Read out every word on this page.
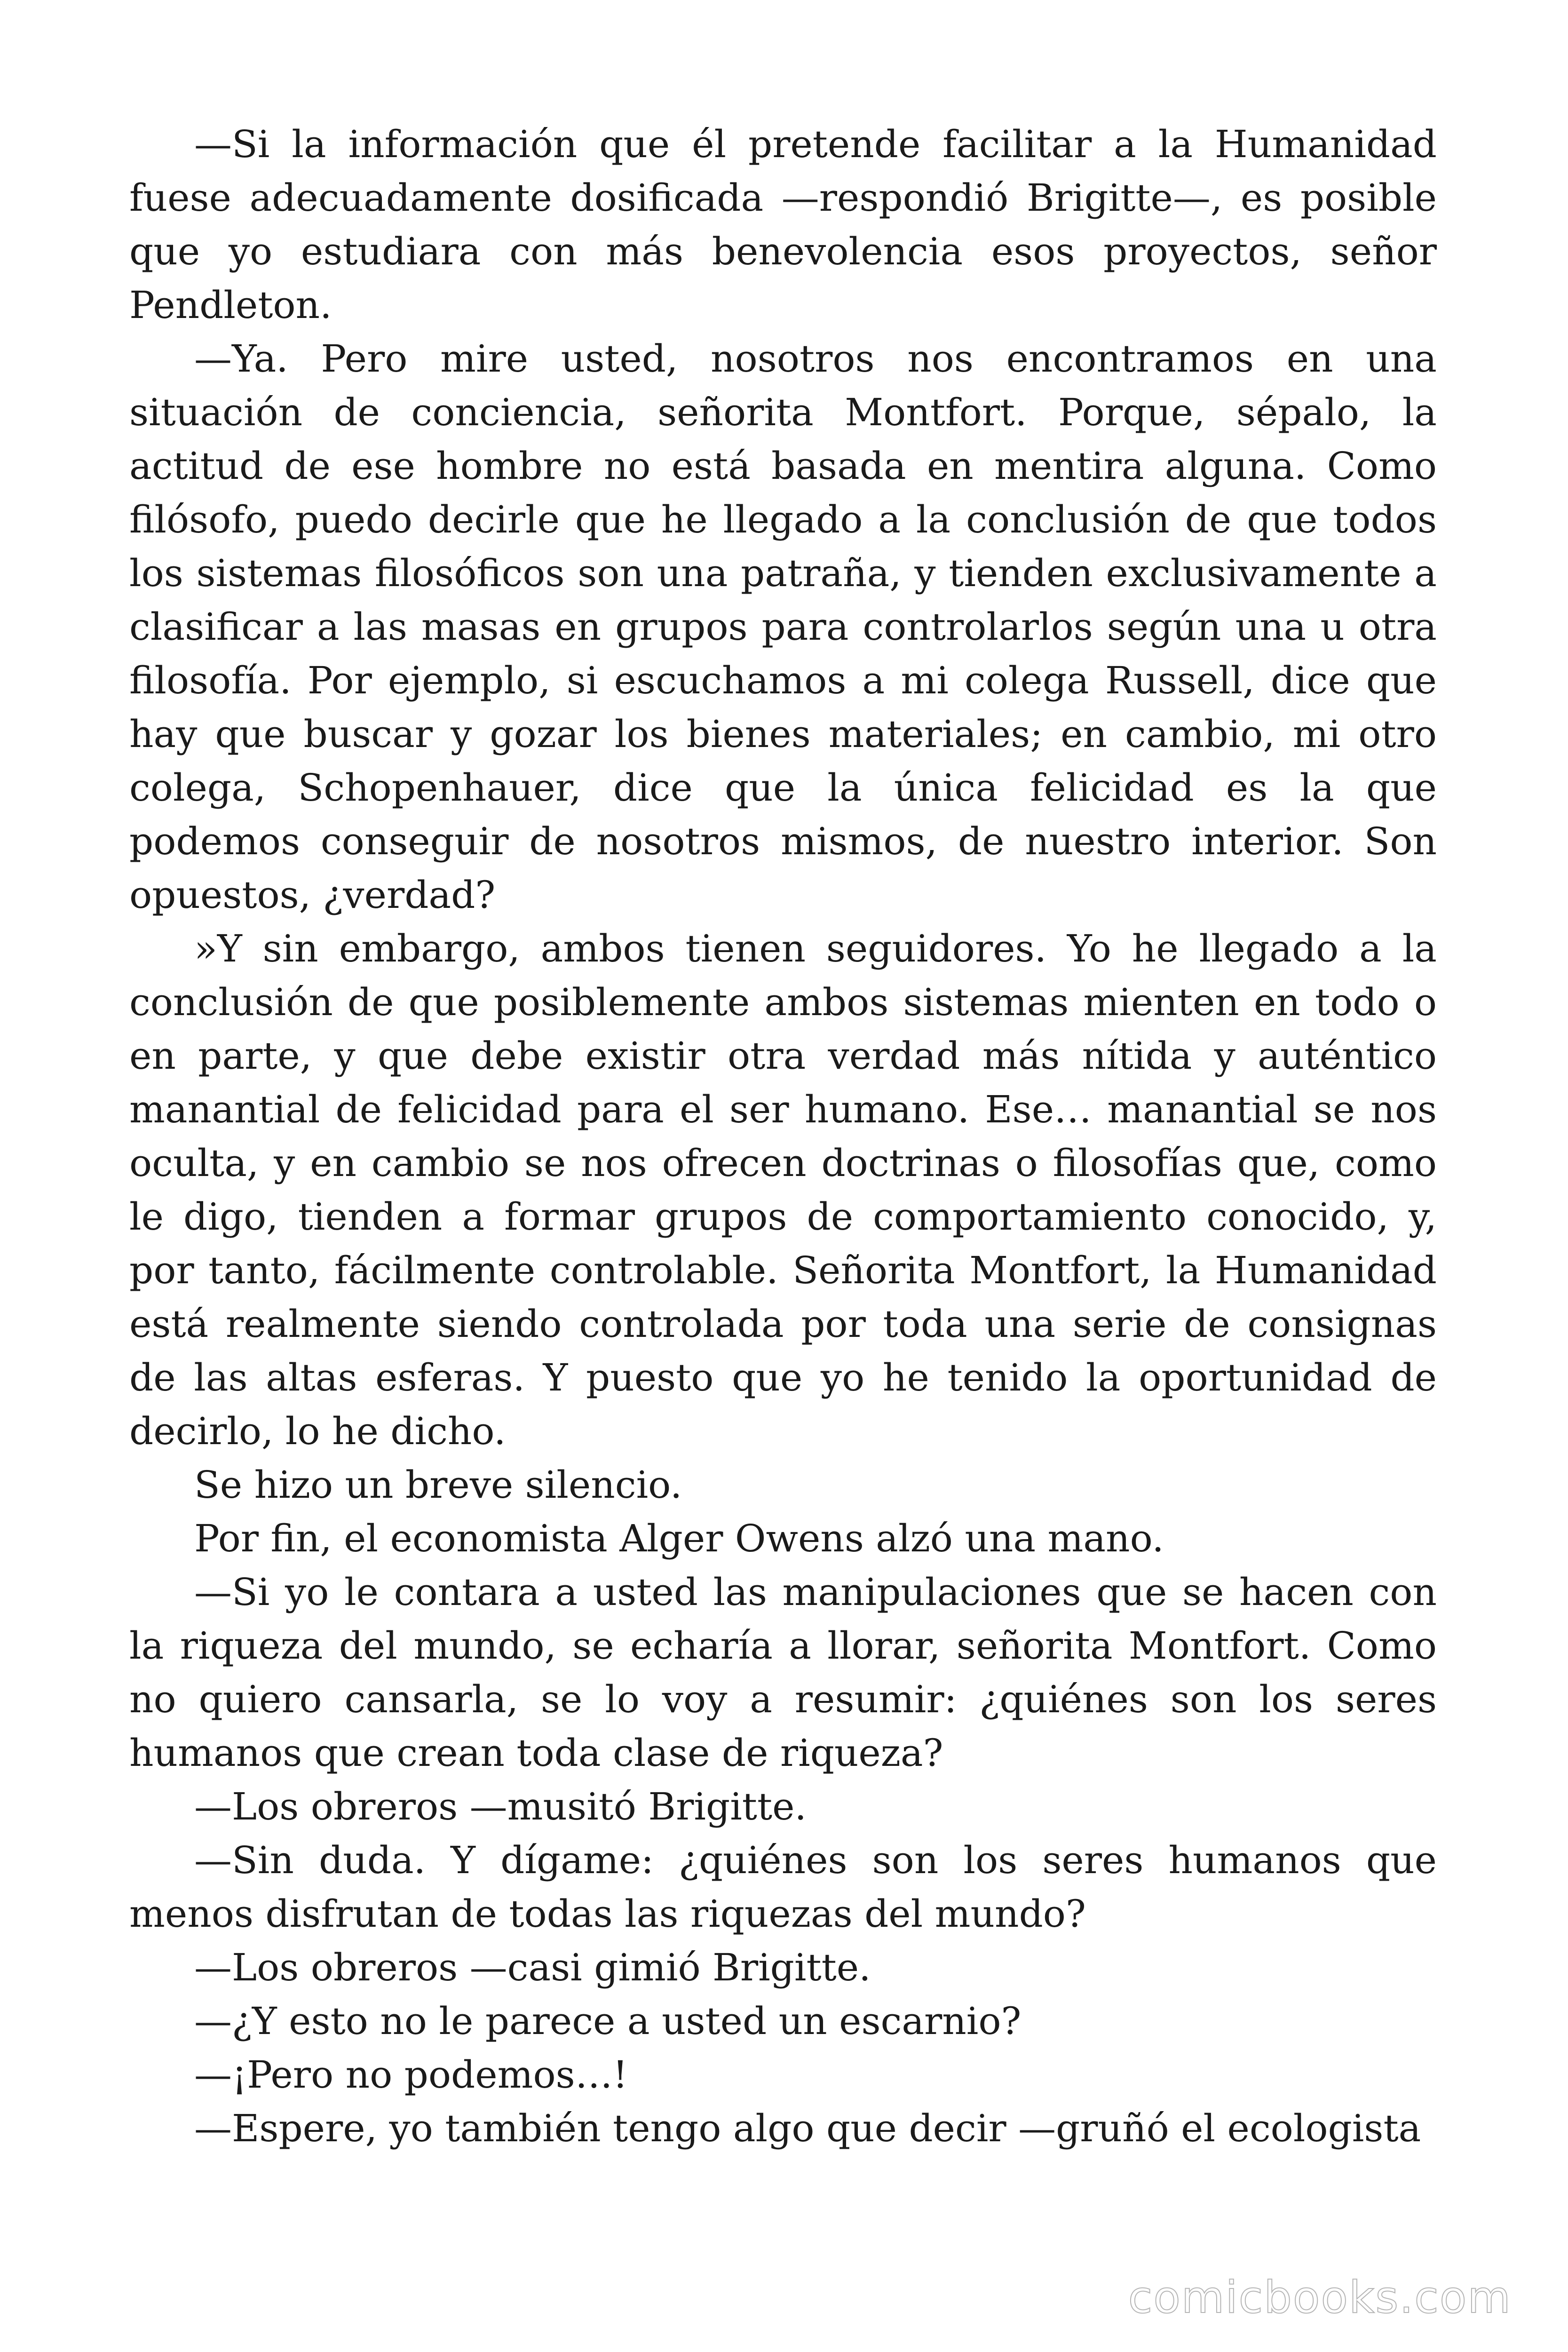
—Si la información que él pretende facilitar a la Humanidad fuese adecuadamente dosificada —respondió Brigitte—, es posible que yo estudiara con más benevolencia esos proyectos, señor Pendleton.

—Ya. Pero mire usted, nosotros nos encontramos en una situación de conciencia, señorita Montfort. Porque, sépalo, la actitud de ese hombre no está basada en mentira alguna. Como filósofo, puedo decirle que he llegado a la conclusión de que todos los sistemas filosóficos son una patraña, y tienden exclusivamente a clasificar a las masas en grupos para controlarlos según una u otra filosofía. Por ejemplo, si escuchamos a mi colega Russell, dice que hay que buscar y gozar los bienes materiales; en cambio, mi otro colega, Schopenhauer, dice que la única felicidad es la que podemos conseguir de nosotros mismos, de nuestro interior. Son opuestos, ¿verdad?

»Y sin embargo, ambos tienen seguidores. Yo he llegado a la conclusión de que posiblemente ambos sistemas mienten en todo o en parte, y que debe existir otra verdad más nítida y auténtico manantial de felicidad para el ser humano. Ese… manantial se nos oculta, y en cambio se nos ofrecen doctrinas o filosofías que, como le digo, tienden a formar grupos de comportamiento conocido, y, por tanto, fácilmente controlable. Señorita Montfort, la Humanidad está realmente siendo controlada por toda una serie de consignas de las altas esferas. Y puesto que yo he tenido la oportunidad de decirlo, lo he dicho.

Se hizo un breve silencio.

Por fin, el economista Alger Owens alzó una mano.

—Si yo le contara a usted las manipulaciones que se hacen con la riqueza del mundo, se echaría a llorar, señorita Montfort. Como no quiero cansarla, se lo voy a resumir: ¿quiénes son los seres humanos que crean toda clase de riqueza?

—Los obreros —musitó Brigitte.

—Sin duda. Y dígame: ¿quiénes son los seres humanos que menos disfrutan de todas las riquezas del mundo?

—Los obreros —casi gimió Brigitte.

—¿Y esto no le parece a usted un escarnio?

—¡Pero no podemos…!

—Espere, yo también tengo algo que decir —gruñó el ecologista

comicbooks.com
